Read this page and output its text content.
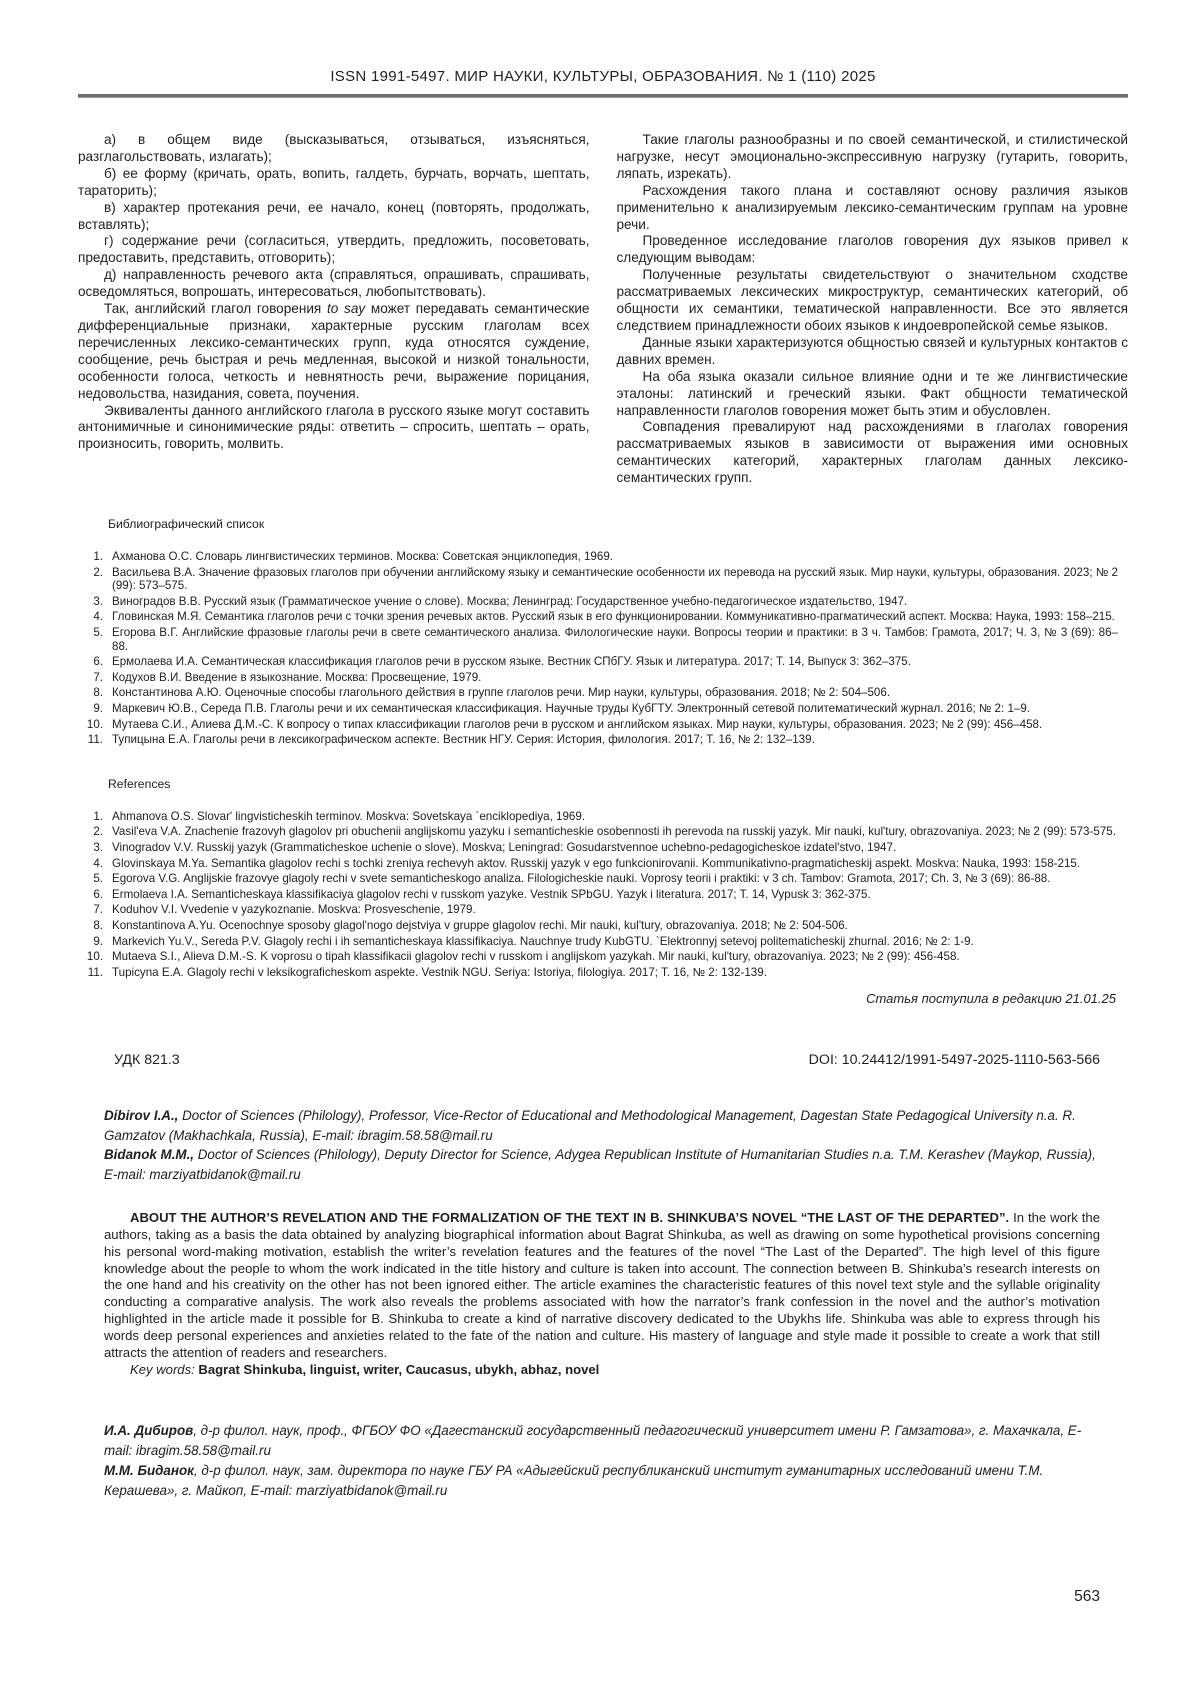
ISSN 1991-5497. МИР НАУКИ, КУЛЬТУРЫ, ОБРАЗОВАНИЯ. № 1 (110) 2025

а) в общем виде (высказываться, отзываться, изъясняться, разглагольствовать, излагать);

б) ее форму (кричать, орать, вопить, галдеть, бурчать, ворчать, шептать, тараторить);

в) характер протекания речи, ее начало, конец (повторять, продолжать, вставлять);

г) содержание речи (согласиться, утвердить, предложить, посоветовать, предоставить, представить, отговорить);

д) направленность речевого акта (справляться, опрашивать, спрашивать, осведомляться, вопрошать, интересоваться, любопытствовать).

Так, английский глагол говорения to say может передавать семантические дифференциальные признаки, характерные русским глаголам всех перечисленных лексико-семантических групп, куда относятся суждение, сообщение, речь быстрая и речь медленная, высокой и низкой тональности, особенности голоса, четкость и невнятность речи, выражение порицания, недовольства, назидания, совета, поучения.

Эквиваленты данного английского глагола в русского языке могут составить антонимичные и синонимические ряды: ответить – спросить, шептать – орать, произносить, говорить, молвить.

Такие глаголы разнообразны и по своей семантической, и стилистической нагрузке, несут эмоционально-экспрессивную нагрузку (гутарить, говорить, ляпать, изрекать).

Расхождения такого плана и составляют основу различия языков применительно к анализируемым лексико-семантическим группам на уровне речи.

Проведенное исследование глаголов говорения дух языков привел к следующим выводам:

Полученные результаты свидетельствуют о значительном сходстве рассматриваемых лексических микроструктур, семантических категорий, об общности их семантики, тематической направленности. Все это является следствием принадлежности обоих языков к индоевропейской семье языков.

Данные языки характеризуются общностью связей и культурных контактов с давних времен.

На оба языка оказали сильное влияние одни и те же лингвистические эталоны: латинский и греческий языки. Факт общности тематической направленности глаголов говорения может быть этим и обусловлен.

Совпадения превалируют над расхождениями в глаголах говорения рассматриваемых языков в зависимости от выражения ими основных семантических категорий, характерных глаголам данных лексико-семантических групп.

Библиографический список
1. Ахманова О.С. Словарь лингвистических терминов. Москва: Советская энциклопедия, 1969.
2. Васильева В.А. Значение фразовых глаголов при обучении английскому языку и семантические особенности их перевода на русский язык. Мир науки, культуры, образования. 2023; № 2 (99): 573–575.
3. Виноградов В.В. Русский язык (Грамматическое учение о слове). Москва; Ленинград: Государственное учебно-педагогическое издательство, 1947.
4. Гловинская М.Я. Семантика глаголов речи с точки зрения речевых актов. Русский язык в его функционировании. Коммуникативно-прагматический аспект. Москва: Наука, 1993: 158–215.
5. Егорова В.Г. Английские фразовые глаголы речи в свете семантического анализа. Филологические науки. Вопросы теории и практики: в 3 ч. Тамбов: Грамота, 2017; Ч. 3, № 3 (69): 86–88.
6. Ермолаева И.А. Семантическая классификация глаголов речи в русском языке. Вестник СПбГУ. Язык и литература. 2017; Т. 14, Выпуск 3: 362–375.
7. Кодухов В.И. Введение в языкознание. Москва: Просвещение, 1979.
8. Константинова А.Ю. Оценочные способы глагольного действия в группе глаголов речи. Мир науки, культуры, образования. 2018; № 2: 504–506.
9. Маркевич Ю.В., Середа П.В. Глаголы речи и их семантическая классификация. Научные труды КубГТУ. Электронный сетевой политематический журнал. 2016; № 2: 1–9.
10. Мутаева С.И., Алиева Д.М.-С. К вопросу о типах классификации глаголов речи в русском и английском языках. Мир науки, культуры, образования. 2023; № 2 (99): 456–458.
11. Тупицына Е.А. Глаголы речи в лексикографическом аспекте. Вестник НГУ. Серия: История, филология. 2017; Т. 16, № 2: 132–139.
References
1. Ahmanova O.S. Slovar' lingvisticheskih terminov. Moskva: Sovetskaya `enciklopediya, 1969.
2. Vasil'eva V.A. Znachenie frazovyh glagolov pri obuchenii anglijskomu yazyku i semanticheskie osobennosti ih perevoda na russkij yazyk. Mir nauki, kul'tury, obrazovaniya. 2023; № 2 (99): 573-575.
3. Vinogradov V.V. Russkij yazyk (Grammaticheskoe uchenie o slove). Moskva; Leningrad: Gosudarstvennoe uchebno-pedagogicheskoe izdatel'stvo, 1947.
4. Glovinskaya M.Ya. Semantika glagolov rechi s tochki zreniya rechevyh aktov. Russkij yazyk v ego funkcionirovanii. Kommunikativno-pragmaticheskij aspekt. Moskva: Nauka, 1993: 158-215.
5. Egorova V.G. Anglijskie frazovye glagoly rechi v svete semanticheskogo analiza. Filologicheskie nauki. Voprosy teorii i praktiki: v 3 ch. Tambov: Gramota, 2017; Ch. 3, № 3 (69): 86-88.
6. Ermolaeva I.A. Semanticheskaya klassifikaciya glagolov rechi v russkom yazyke. Vestnik SPbGU. Yazyk i literatura. 2017; T. 14, Vypusk 3: 362-375.
7. Koduhov V.I. Vvedenie v yazykoznanie. Moskva: Prosveschenie, 1979.
8. Konstantinova A.Yu. Ocenochnye sposoby glagol'nogo dejstviya v gruppe glagolov rechi. Mir nauki, kul'tury, obrazovaniya. 2018; № 2: 504-506.
9. Markevich Yu.V., Sereda P.V. Glagoly rechi i ih semanticheskaya klassifikaciya. Nauchnye trudy KubGTU. `Elektronnyj setevoj politematicheskij zhurnal. 2016; № 2: 1-9.
10. Mutaeva S.I., Alieva D.M.-S. K voprosu o tipah klassifikacii glagolov rechi v russkom i anglijskom yazykah. Mir nauki, kul'tury, obrazovaniya. 2023; № 2 (99): 456-458.
11. Tupicyna E.A. Glagoly rechi v leksikograficheskom aspekte. Vestnik NGU. Seriya: Istoriya, filologiya. 2017; T. 16, № 2: 132-139.
Статья поступила в редакцию 21.01.25
УДК 821.3	DOI: 10.24412/1991-5497-2025-1110-563-566

Dibirov I.A., Doctor of Sciences (Philology), Professor, Vice-Rector of Educational and Methodological Management, Dagestan State Pedagogical University n.a. R. Gamzatov (Makhachkala, Russia), E-mail: ibragim.58.58@mail.ru

Bidanok M.M., Doctor of Sciences (Philology), Deputy Director for Science, Adygea Republican Institute of Humanitarian Studies n.a. T.M. Kerashev (Maykop, Russia), E-mail: marziyatbidanok@mail.ru

ABOUT THE AUTHOR’S REVELATION AND THE FORMALIZATION OF THE TEXT IN B. SHINKUBA’S NOVEL “THE LAST OF THE DEPARTED”. In the work the authors, taking as a basis the data obtained by analyzing biographical information about Bagrat Shinkuba, as well as drawing on some hypothetical provisions concerning his personal word-making motivation, establish the writer’s revelation features and the features of the novel “The Last of the Departed”. The high level of this figure knowledge about the people to whom the work indicated in the title history and culture is taken into account. The connection between B. Shinkuba’s research interests on the one hand and his creativity on the other has not been ignored either. The article examines the characteristic features of this novel text style and the syllable originality conducting a comparative analysis. The work also reveals the problems associated with how the narrator’s frank confession in the novel and the author’s motivation highlighted in the article made it possible for B. Shinkuba to create a kind of narrative discovery dedicated to the Ubykhs life. Shinkuba was able to express through his words deep personal experiences and anxieties related to the fate of the nation and culture. His mastery of language and style made it possible to create a work that still attracts the attention of readers and researchers.

Key words: Bagrat Shinkuba, linguist, writer, Caucasus, ubykh, abhaz, novel

И.А. Дибиров, д-р филол. наук, проф., ФГБОУ ФО «Дагестанский государственный педагогический университет имени Р. Гамзатова», г. Махачкала, E-mail: ibragim.58.58@mail.ru

М.М. Биданок, д-р филол. наук, зам. директора по науке ГБУ РА «Адыгейский республиканский институт гуманитарных исследований имени Т.М. Керашева», г. Майкоп, E-mail: marziyatbidanok@mail.ru

563
